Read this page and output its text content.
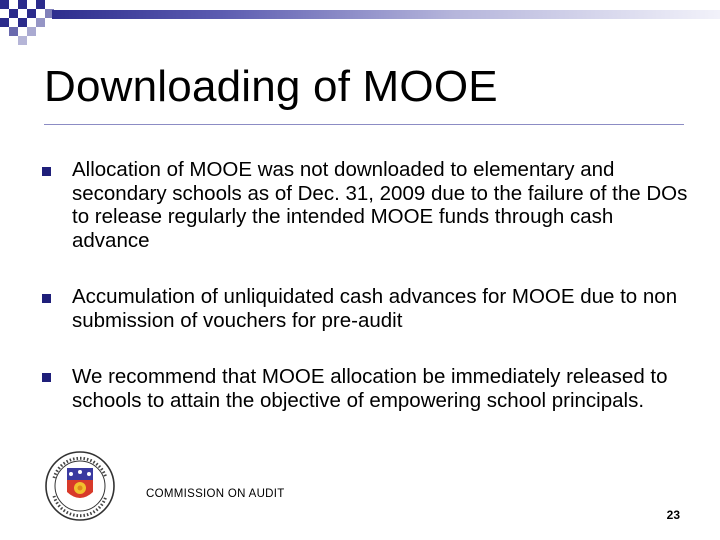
Downloading of MOOE
Allocation of MOOE was not downloaded to elementary and secondary schools as of Dec. 31, 2009 due to the failure of the DOs to release regularly the intended MOOE funds through cash advance
Accumulation of unliquidated cash advances for MOOE due to non submission of vouchers for pre-audit
We recommend that MOOE allocation be immediately released to schools to attain the objective of empowering school principals.
COMMISSION ON AUDIT
23
